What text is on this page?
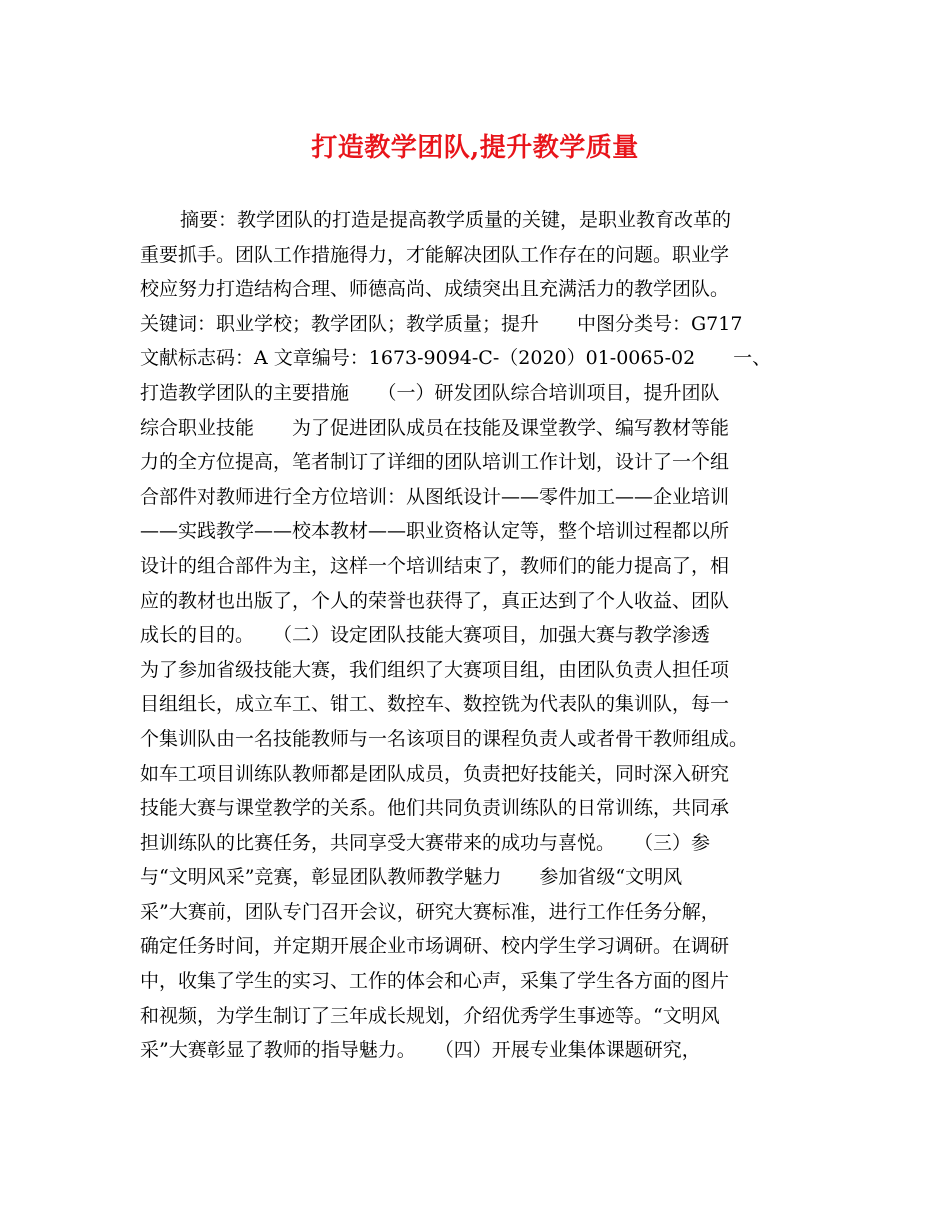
打造教学团队,提升教学质量
摘要：教学团队的打造是提高教学质量的关键，是职业教育改革的
重要抓手。团队工作措施得力，才能解决团队工作存在的问题。职业学
校应努力打造结构合理、师德高尚、成绩突出且充满活力的教学团队。
关键词：职业学校；教学团队；教学质量；提升　　中图分类号：G717
文献标志码：A 文章编号：1673-9094-C-（2020）01-0065-02　　一、
打造教学团队的主要措施　　（一）研发团队综合培训项目，提升团队
综合职业技能　　为了促进团队成员在技能及课堂教学、编写教材等能
力的全方位提高，笔者制订了详细的团队培训工作计划，设计了一个组
合部件对教师进行全方位培训：从图纸设计——零件加工——企业培训
——实践教学——校本教材——职业资格认定等，整个培训过程都以所
设计的组合部件为主，这样一个培训结束了，教师们的能力提高了，相
应的教材也出版了，个人的荣誉也获得了，真正达到了个人收益、团队
成长的目的。　　（二）设定团队技能大赛项目，加强大赛与教学渗透
为了参加省级技能大赛，我们组织了大赛项目组，由团队负责人担任项
目组组长，成立车工、钳工、数控车、数控铣为代表队的集训队，每一
个集训队由一名技能教师与一名该项目的课程负责人或者骨干教师组成。
如车工项目训练队教师都是团队成员，负责把好技能关，同时深入研究
技能大赛与课堂教学的关系。他们共同负责训练队的日常训练，共同承
担训练队的比赛任务，共同享受大赛带来的成功与喜悦。　　（三）参
与“文明风采”竞赛，彰显团队教师教学魅力　　参加省级“文明风
采”大赛前，团队专门召开会议，研究大赛标准，进行工作任务分解，
确定任务时间，并定期开展企业市场调研、校内学生学习调研。在调研
中，收集了学生的实习、工作的体会和心声，采集了学生各方面的图片
和视频，为学生制订了三年成长规划，介绍优秀学生事迹等。“文明风
采”大赛彰显了教师的指导魅力。　　（四）开展专业集体课题研究，
